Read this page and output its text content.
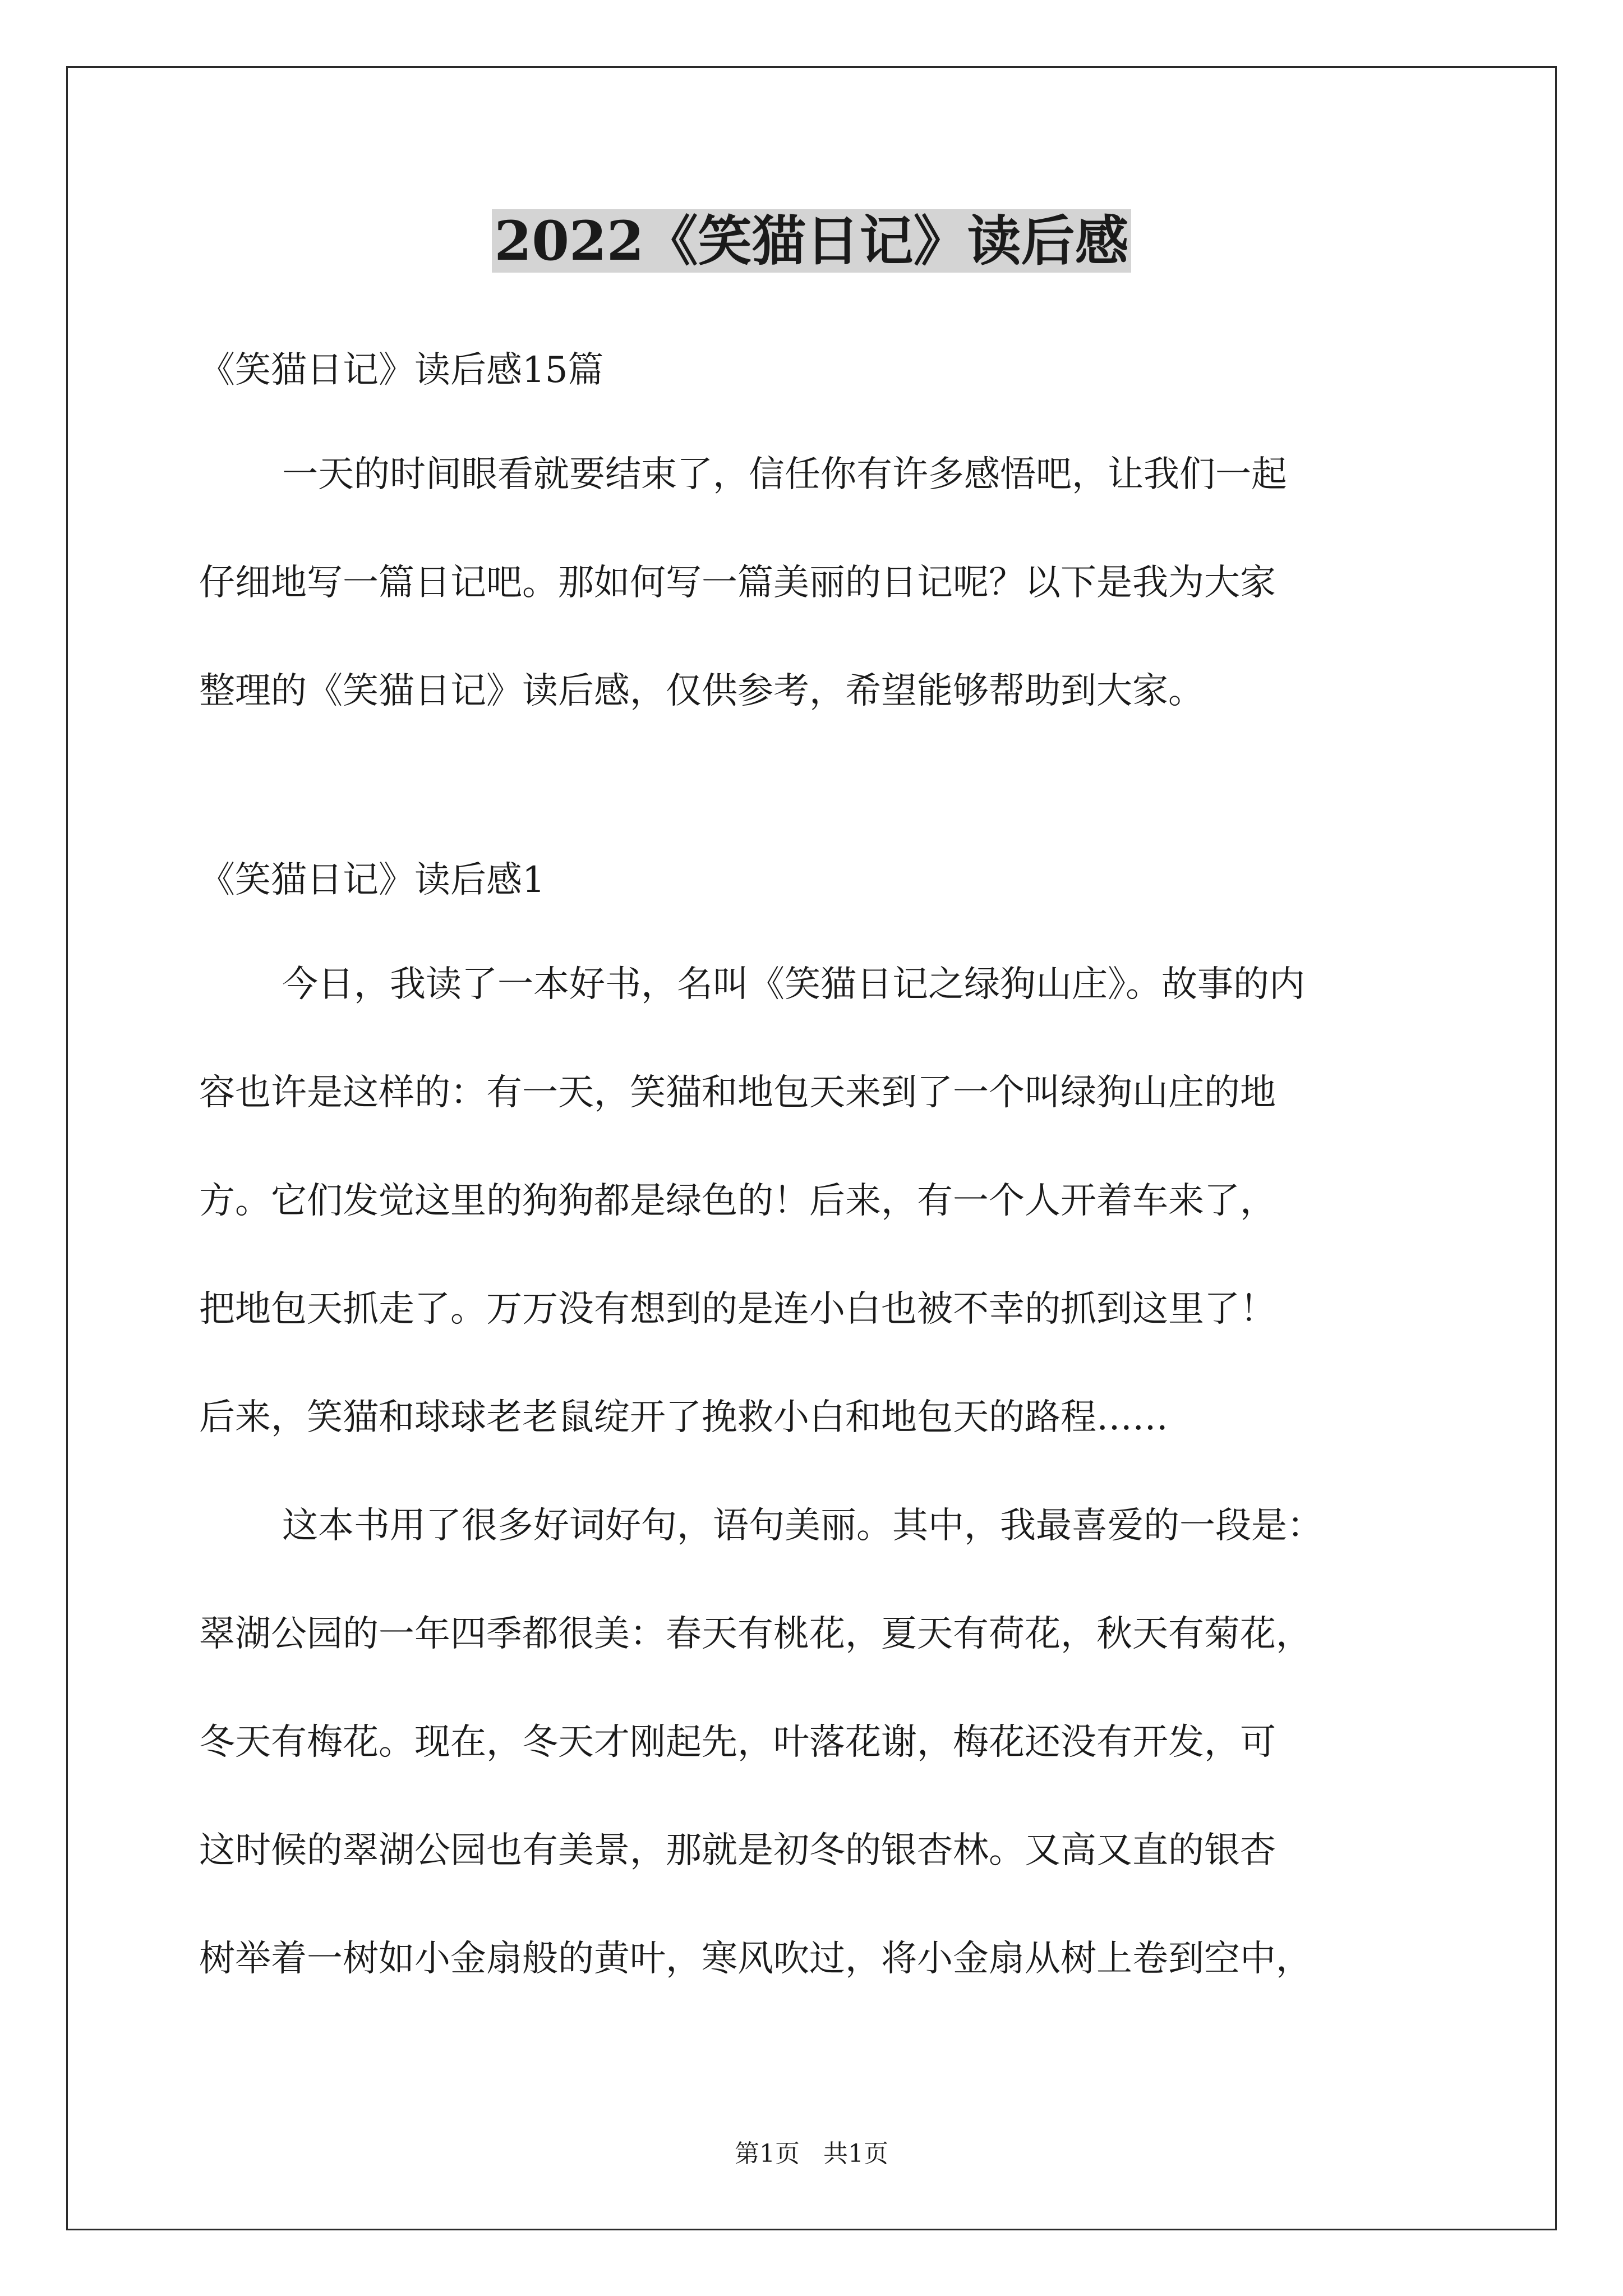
2022《笑猫日记》读后感

《笑猫日记》读后感15篇

一天的时间眼看就要结束了，信任你有许多感悟吧，让我们一起
仔细地写一篇日记吧。那如何写一篇美丽的日记呢？以下是我为大家
整理的《笑猫日记》读后感，仅供参考，希望能够帮助到大家。

《笑猫日记》读后感1

今日，我读了一本好书，名叫《笑猫日记之绿狗山庄》。故事的内
容也许是这样的：有一天，笑猫和地包天来到了一个叫绿狗山庄的地
方。它们发觉这里的狗狗都是绿色的！后来，有一个人开着车来了，
把地包天抓走了。万万没有想到的是连小白也被不幸的抓到这里了！
后来，笑猫和球球老老鼠绽开了挽救小白和地包天的路程……
这本书用了很多好词好句，语句美丽。其中，我最喜爱的一段是：
翠湖公园的一年四季都很美：春天有桃花，夏天有荷花，秋天有菊花，
冬天有梅花。现在，冬天才刚起先，叶落花谢，梅花还没有开发，可
这时候的翠湖公园也有美景，那就是初冬的银杏林。又高又直的银杏
树举着一树如小金扇般的黄叶，寒风吹过，将小金扇从树上卷到空中，
第1页   共1页
